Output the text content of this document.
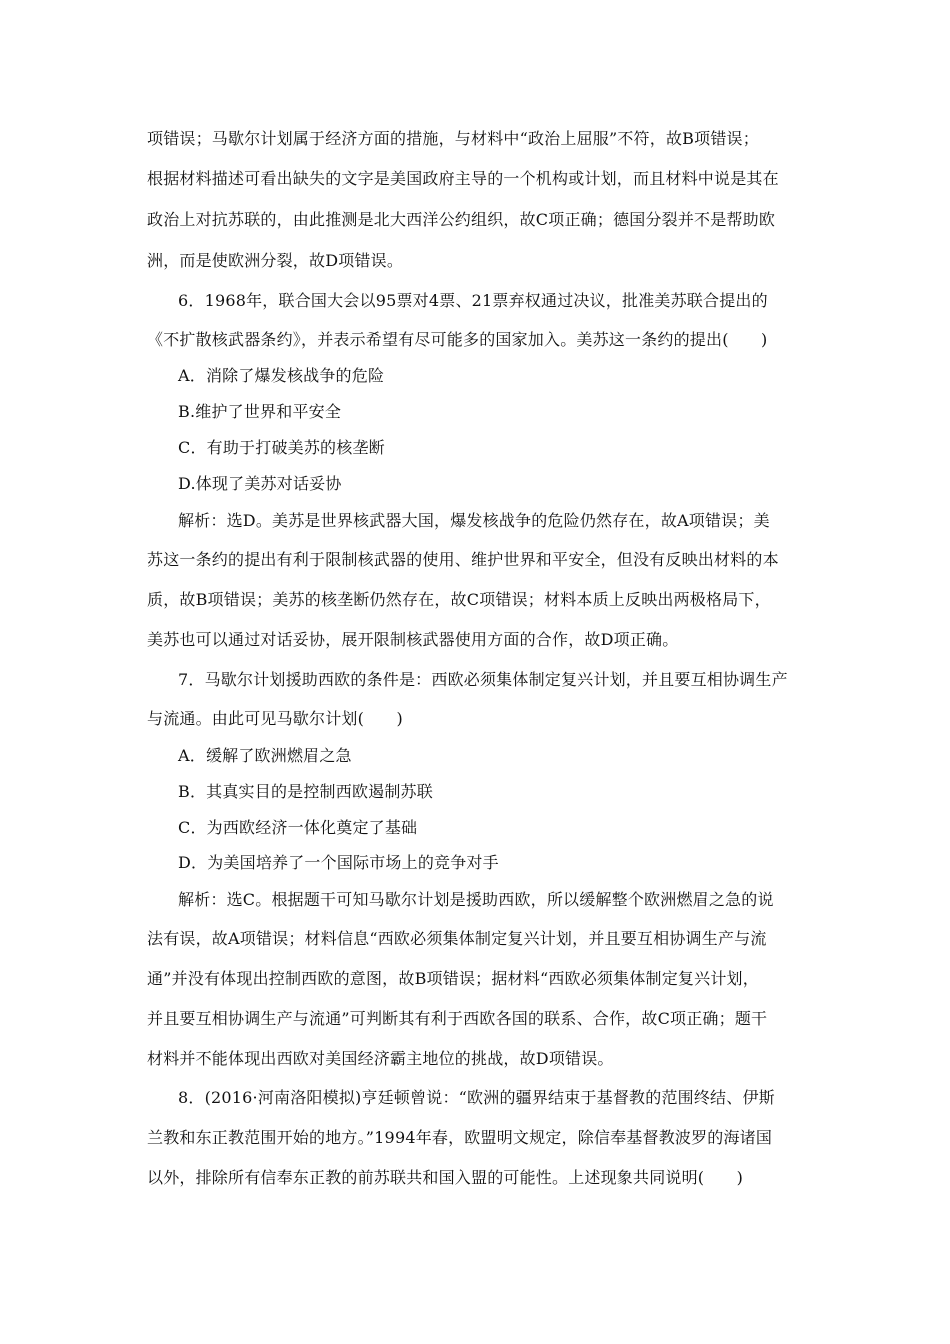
项错误；马歇尔计划属于经济方面的措施，与材料中“政治上屈服”不符，故B项错误；
根据材料描述可看出缺失的文字是美国政府主导的一个机构或计划，而且材料中说是其在
政治上对抗苏联的，由此推测是北大西洋公约组织，故C项正确；德国分裂并不是帮助欧
洲，而是使欧洲分裂，故D项错误。
6．1968年，联合国大会以95票对4票、21票弃权通过决议，批准美苏联合提出的
《不扩散核武器条约》，并表示希望有尽可能多的国家加入。美苏这一条约的提出(　　)
A．消除了爆发核战争的危险
B.维护了世界和平安全
C．有助于打破美苏的核垄断
D.体现了美苏对话妥协
解析：选D。美苏是世界核武器大国，爆发核战争的危险仍然存在，故A项错误；美
苏这一条约的提出有利于限制核武器的使用、维护世界和平安全，但没有反映出材料的本
质，故B项错误；美苏的核垄断仍然存在，故C项错误；材料本质上反映出两极格局下，
美苏也可以通过对话妥协，展开限制核武器使用方面的合作，故D项正确。
7．马歇尔计划援助西欧的条件是：西欧必须集体制定复兴计划，并且要互相协调生产
与流通。由此可见马歇尔计划(　　)
A．缓解了欧洲燃眉之急
B．其真实目的是控制西欧遏制苏联
C．为西欧经济一体化奠定了基础
D．为美国培养了一个国际市场上的竞争对手
解析：选C。根据题干可知马歇尔计划是援助西欧，所以缓解整个欧洲燃眉之急的说
法有误，故A项错误；材料信息“西欧必须集体制定复兴计划，并且要互相协调生产与流
通”并没有体现出控制西欧的意图，故B项错误；据材料“西欧必须集体制定复兴计划，
并且要互相协调生产与流通”可判断其有利于西欧各国的联系、合作，故C项正确；题干
材料并不能体现出西欧对美国经济霸主地位的挑战，故D项错误。
8．(2016·河南洛阳模拟)亨廷顿曾说：“欧洲的疆界结束于基督教的范围终结、伊斯
兰教和东正教范围开始的地方。”1994年春，欧盟明文规定，除信奉基督教波罗的海诸国
以外，排除所有信奉东正教的前苏联共和国入盟的可能性。上述现象共同说明(　　)
